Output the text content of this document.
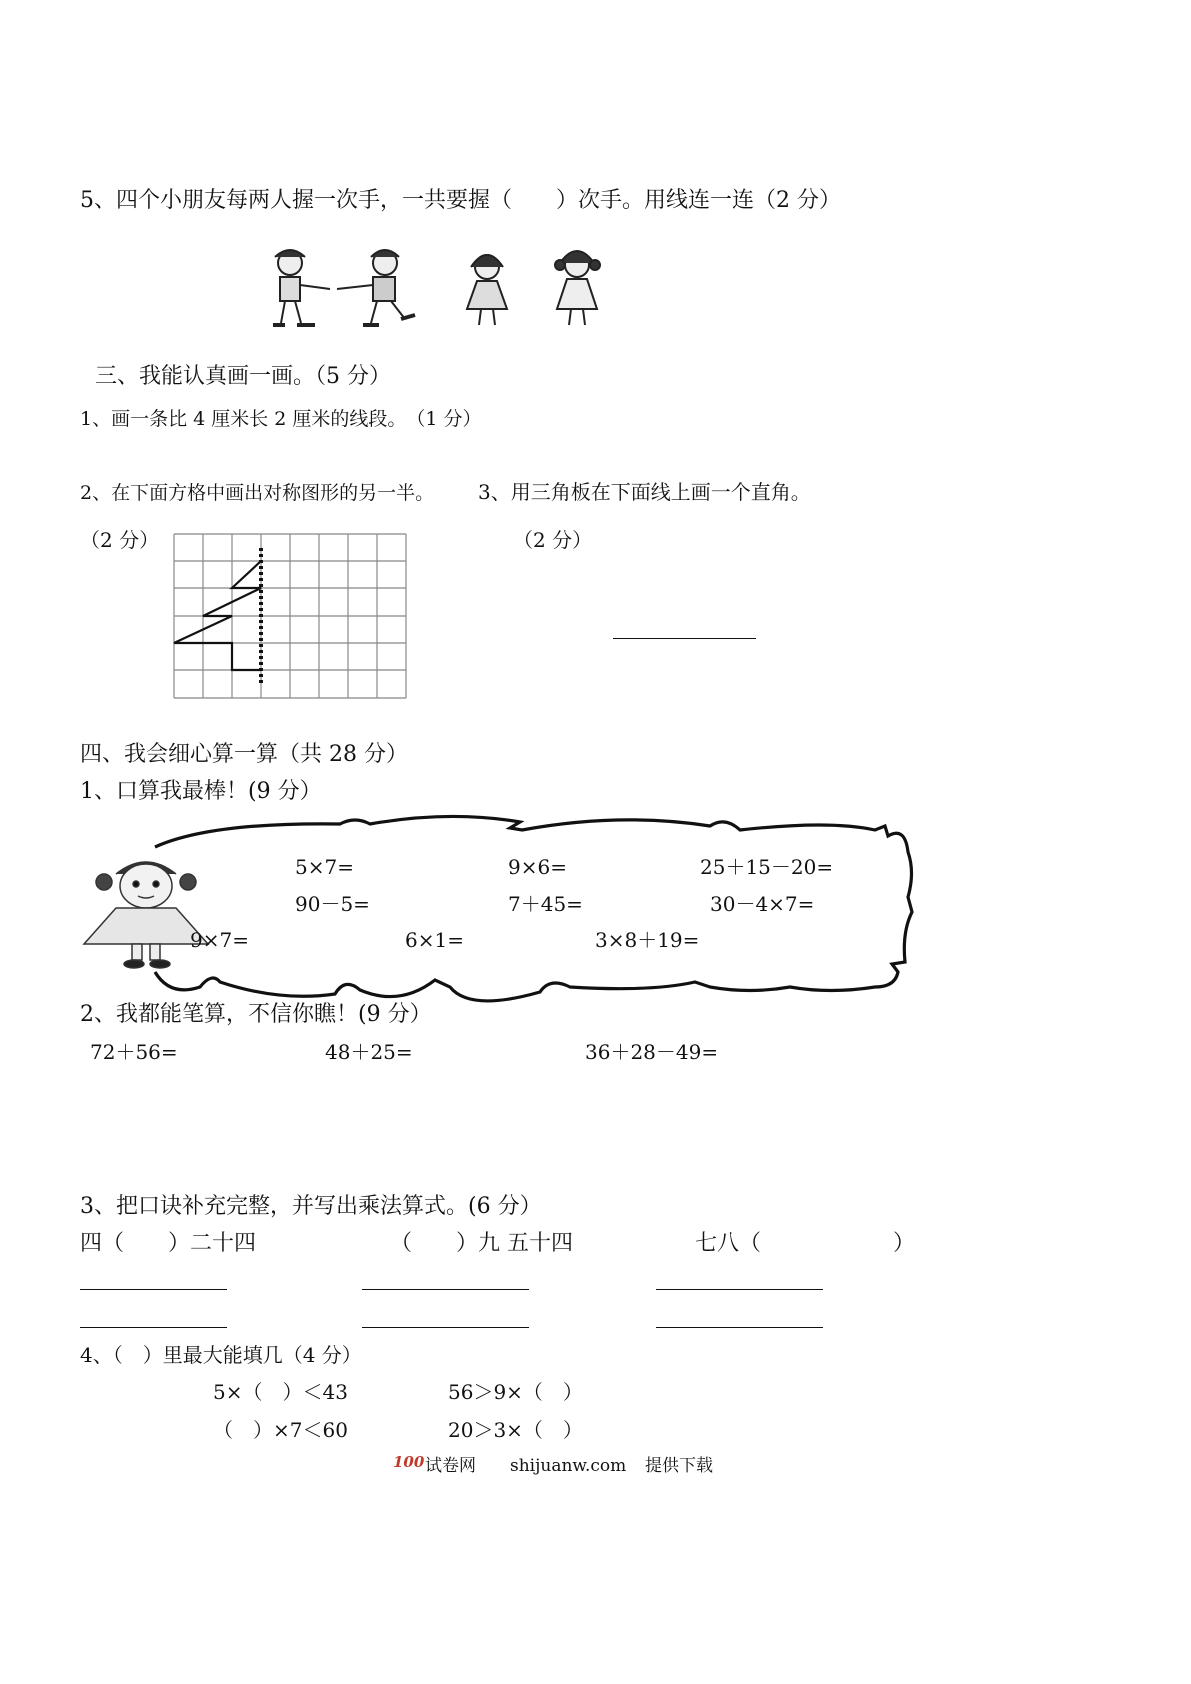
5、四个小朋友每两人握一次手，一共要握（　　）次手。用线连一连（2 分）
三、我能认真画一画。（5 分）
1、画一条比 4 厘米长 2 厘米的线段。　（1 分）
2、在下面方格中画出对称图形的另一半。 3、用三角板在下面线上画一个直角。
（2 分）	（2 分）
四、我会细心算一算（共 28 分）
1、口算我最棒！(9 分）
5×7=	9×6=	25＋15－20=
90－5=	7＋45=	30－4×7=
9×7=	6×1=	3×8＋19=
2、我都能笔算，不信你瞧！(9 分）
72＋56=	48＋25=	36＋28－49=
3、把口诀补充完整，并写出乘法算式。(6 分）
四（　　）二十四	（　　）九 五十四	七八（　　　　　　）
4、（　）里最大能填几（4 分）
5×（　）＜43	56＞9×（　）
（　）×7＜60	20＞3×（　）
100 试卷网 shijuanw.com 提供下载
